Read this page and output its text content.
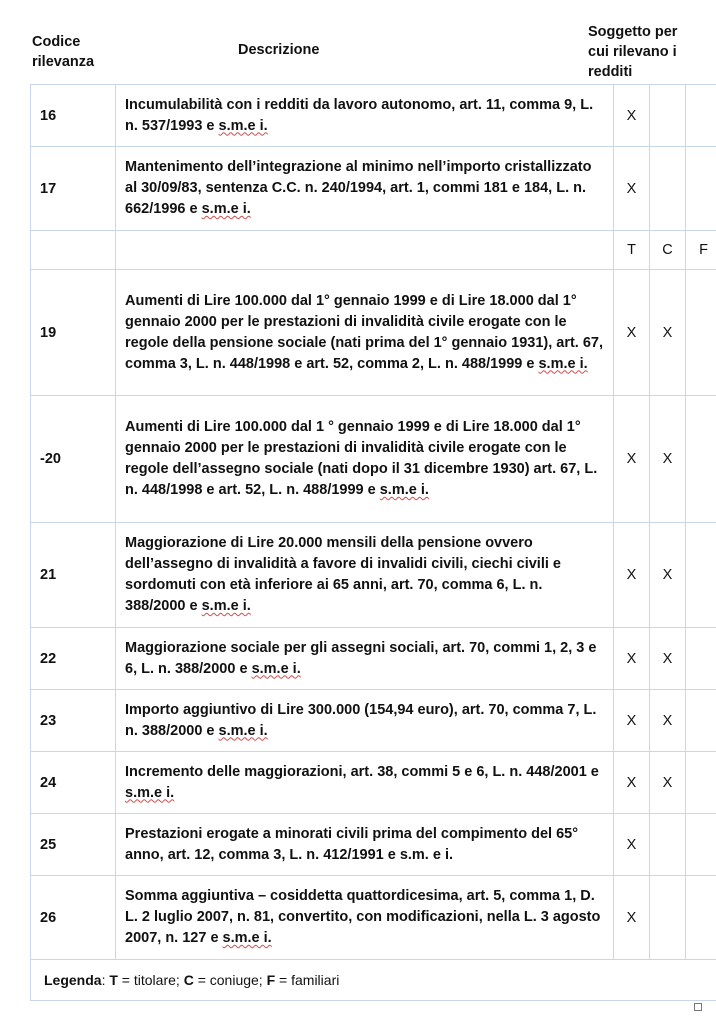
Codice rilevanza
Descrizione
Soggetto per cui rilevano i redditi
16	Incumulabilità con i redditi da lavoro autonomo, art. 11, comma 9, L. n. 537/1993 e s.m.e i.	X		
17	Mantenimento dell’integrazione al minimo nell’importo cristallizzato al 30/09/83, sentenza C.C. n. 240/1994, art. 1, commi 181 e 184, L. n. 662/1996 e s.m.e i.	X		
		T	C	F
19	Aumenti di Lire 100.000 dal 1° gennaio 1999 e di Lire 18.000 dal 1° gennaio 2000 per le prestazioni di invalidità civile erogate con le regole della pensione sociale (nati prima del 1° gennaio 1931), art. 67, comma 3, L. n. 448/1998 e art. 52, comma 2, L. n. 488/1999 e s.m.e i.	X	X	
‑20	Aumenti di Lire 100.000 dal 1 ° gennaio 1999 e di Lire 18.000 dal 1° gennaio 2000 per le prestazioni di invalidità civile erogate con le regole dell’assegno sociale (nati dopo il 31 dicembre 1930) art. 67, L. n. 448/1998 e art. 52, L. n. 488/1999 e s.m.e i.	X	X	
21	Maggiorazione di Lire 20.000 mensili della pensione ovvero dell’assegno di invalidità a favore di invalidi civili, ciechi civili e sordomuti con età inferiore ai 65 anni, art. 70, comma 6, L. n. 388/2000 e s.m.e i.	X	X	
22	Maggiorazione sociale per gli assegni sociali, art. 70, commi 1, 2, 3 e 6, L. n. 388/2000 e s.m.e i.	X	X	
23	Importo aggiuntivo di Lire 300.000 (154,94 euro), art. 70, comma 7, L. n. 388/2000 e s.m.e i.	X	X	
24	Incremento delle maggiorazioni, art. 38, commi 5 e 6, L. n. 448/2001 e s.m.e i.	X	X	
25	Prestazioni erogate a minorati civili prima del compimento del 65° anno, art. 12, comma 3, L. n. 412/1991 e s.m. e i.	X		
26	Somma aggiuntiva – cosiddetta quattordicesima, art. 5, comma 1, D. L. 2 luglio 2007, n. 81, convertito, con modificazioni, nella L. 3 agosto 2007, n. 127 e s.m.e i.	X		
Legenda: T = titolare; C = coniuge; F = familiari				
